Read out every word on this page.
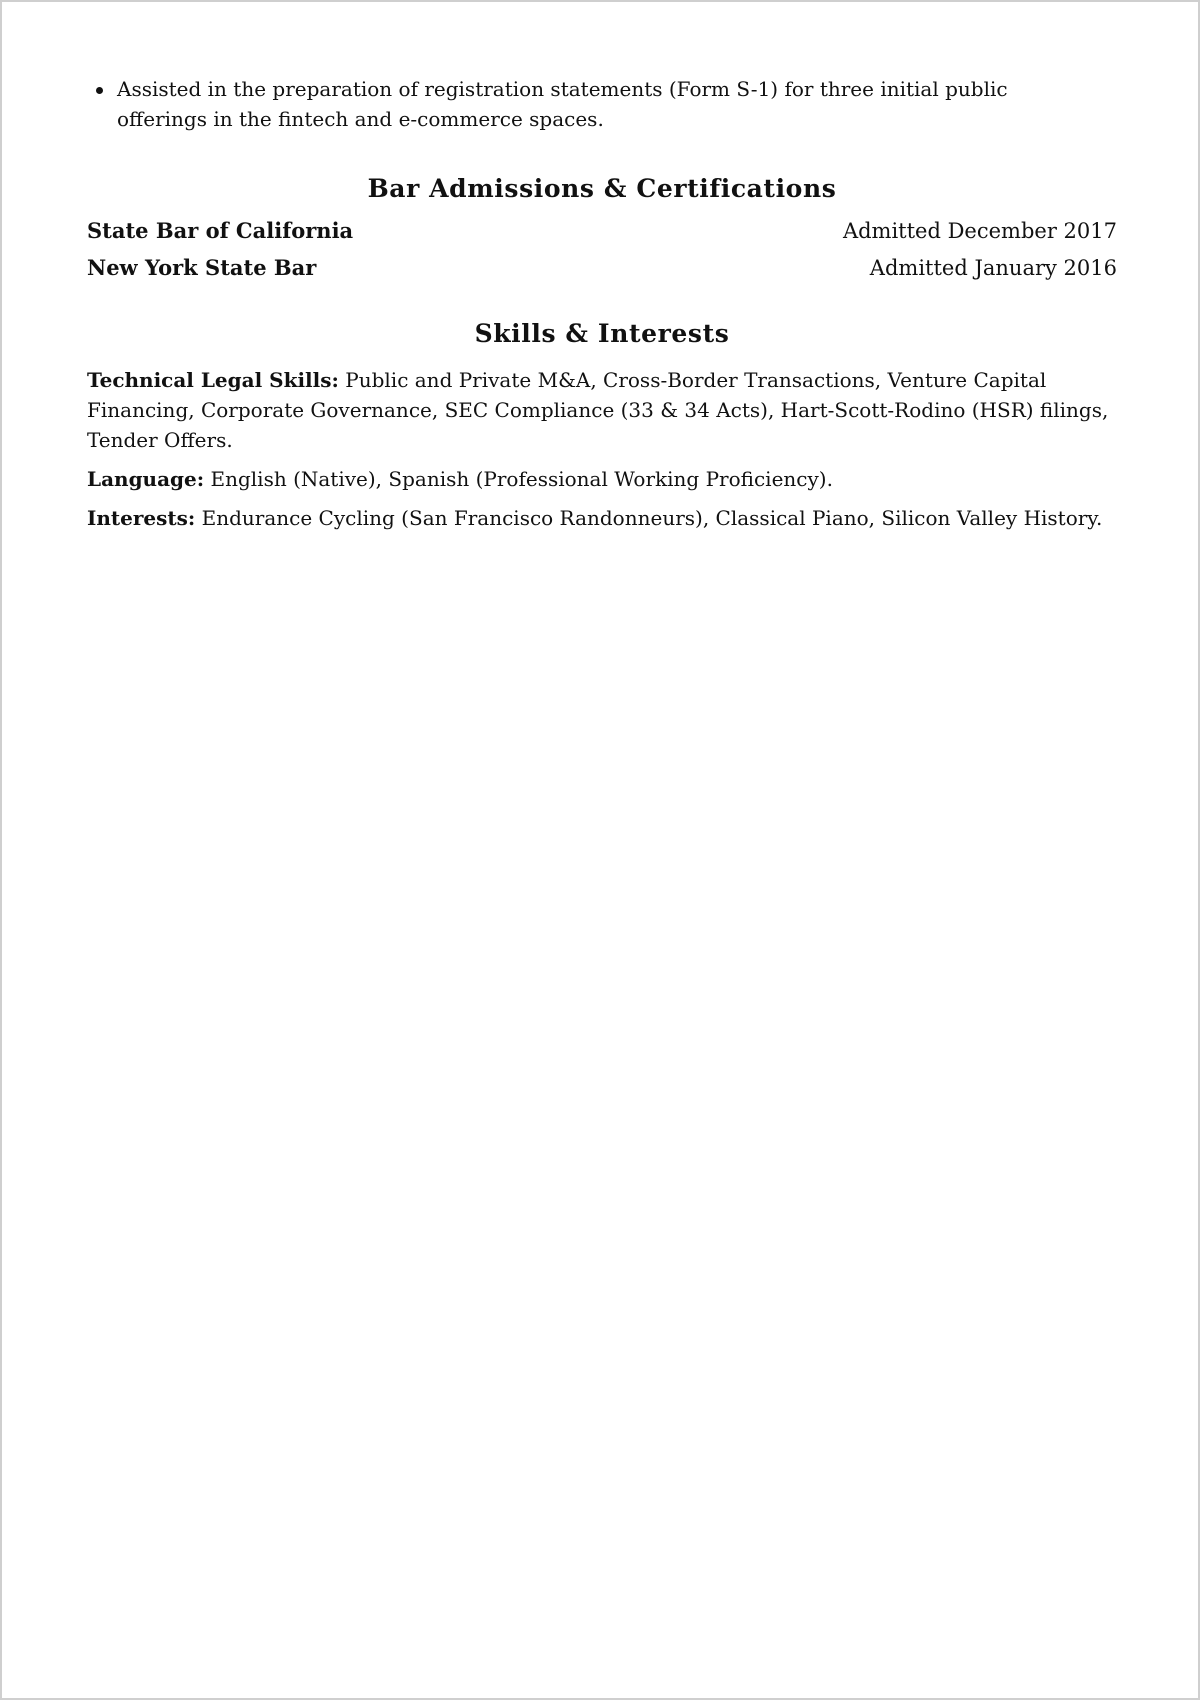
Assisted in the preparation of registration statements (Form S-1) for three initial public offerings in the fintech and e-commerce spaces.
Bar Admissions & Certifications
State Bar of California	Admitted December 2017
New York State Bar	Admitted January 2016
Skills & Interests

Technical Legal Skills: Public and Private M&A, Cross-Border Transactions, Venture Capital Financing, Corporate Governance, SEC Compliance (33 & 34 Acts), Hart-Scott-Rodino (HSR) filings, Tender Offers.

Language: English (Native), Spanish (Professional Working Proficiency).

Interests: Endurance Cycling (San Francisco Randonneurs), Classical Piano, Silicon Valley History.
